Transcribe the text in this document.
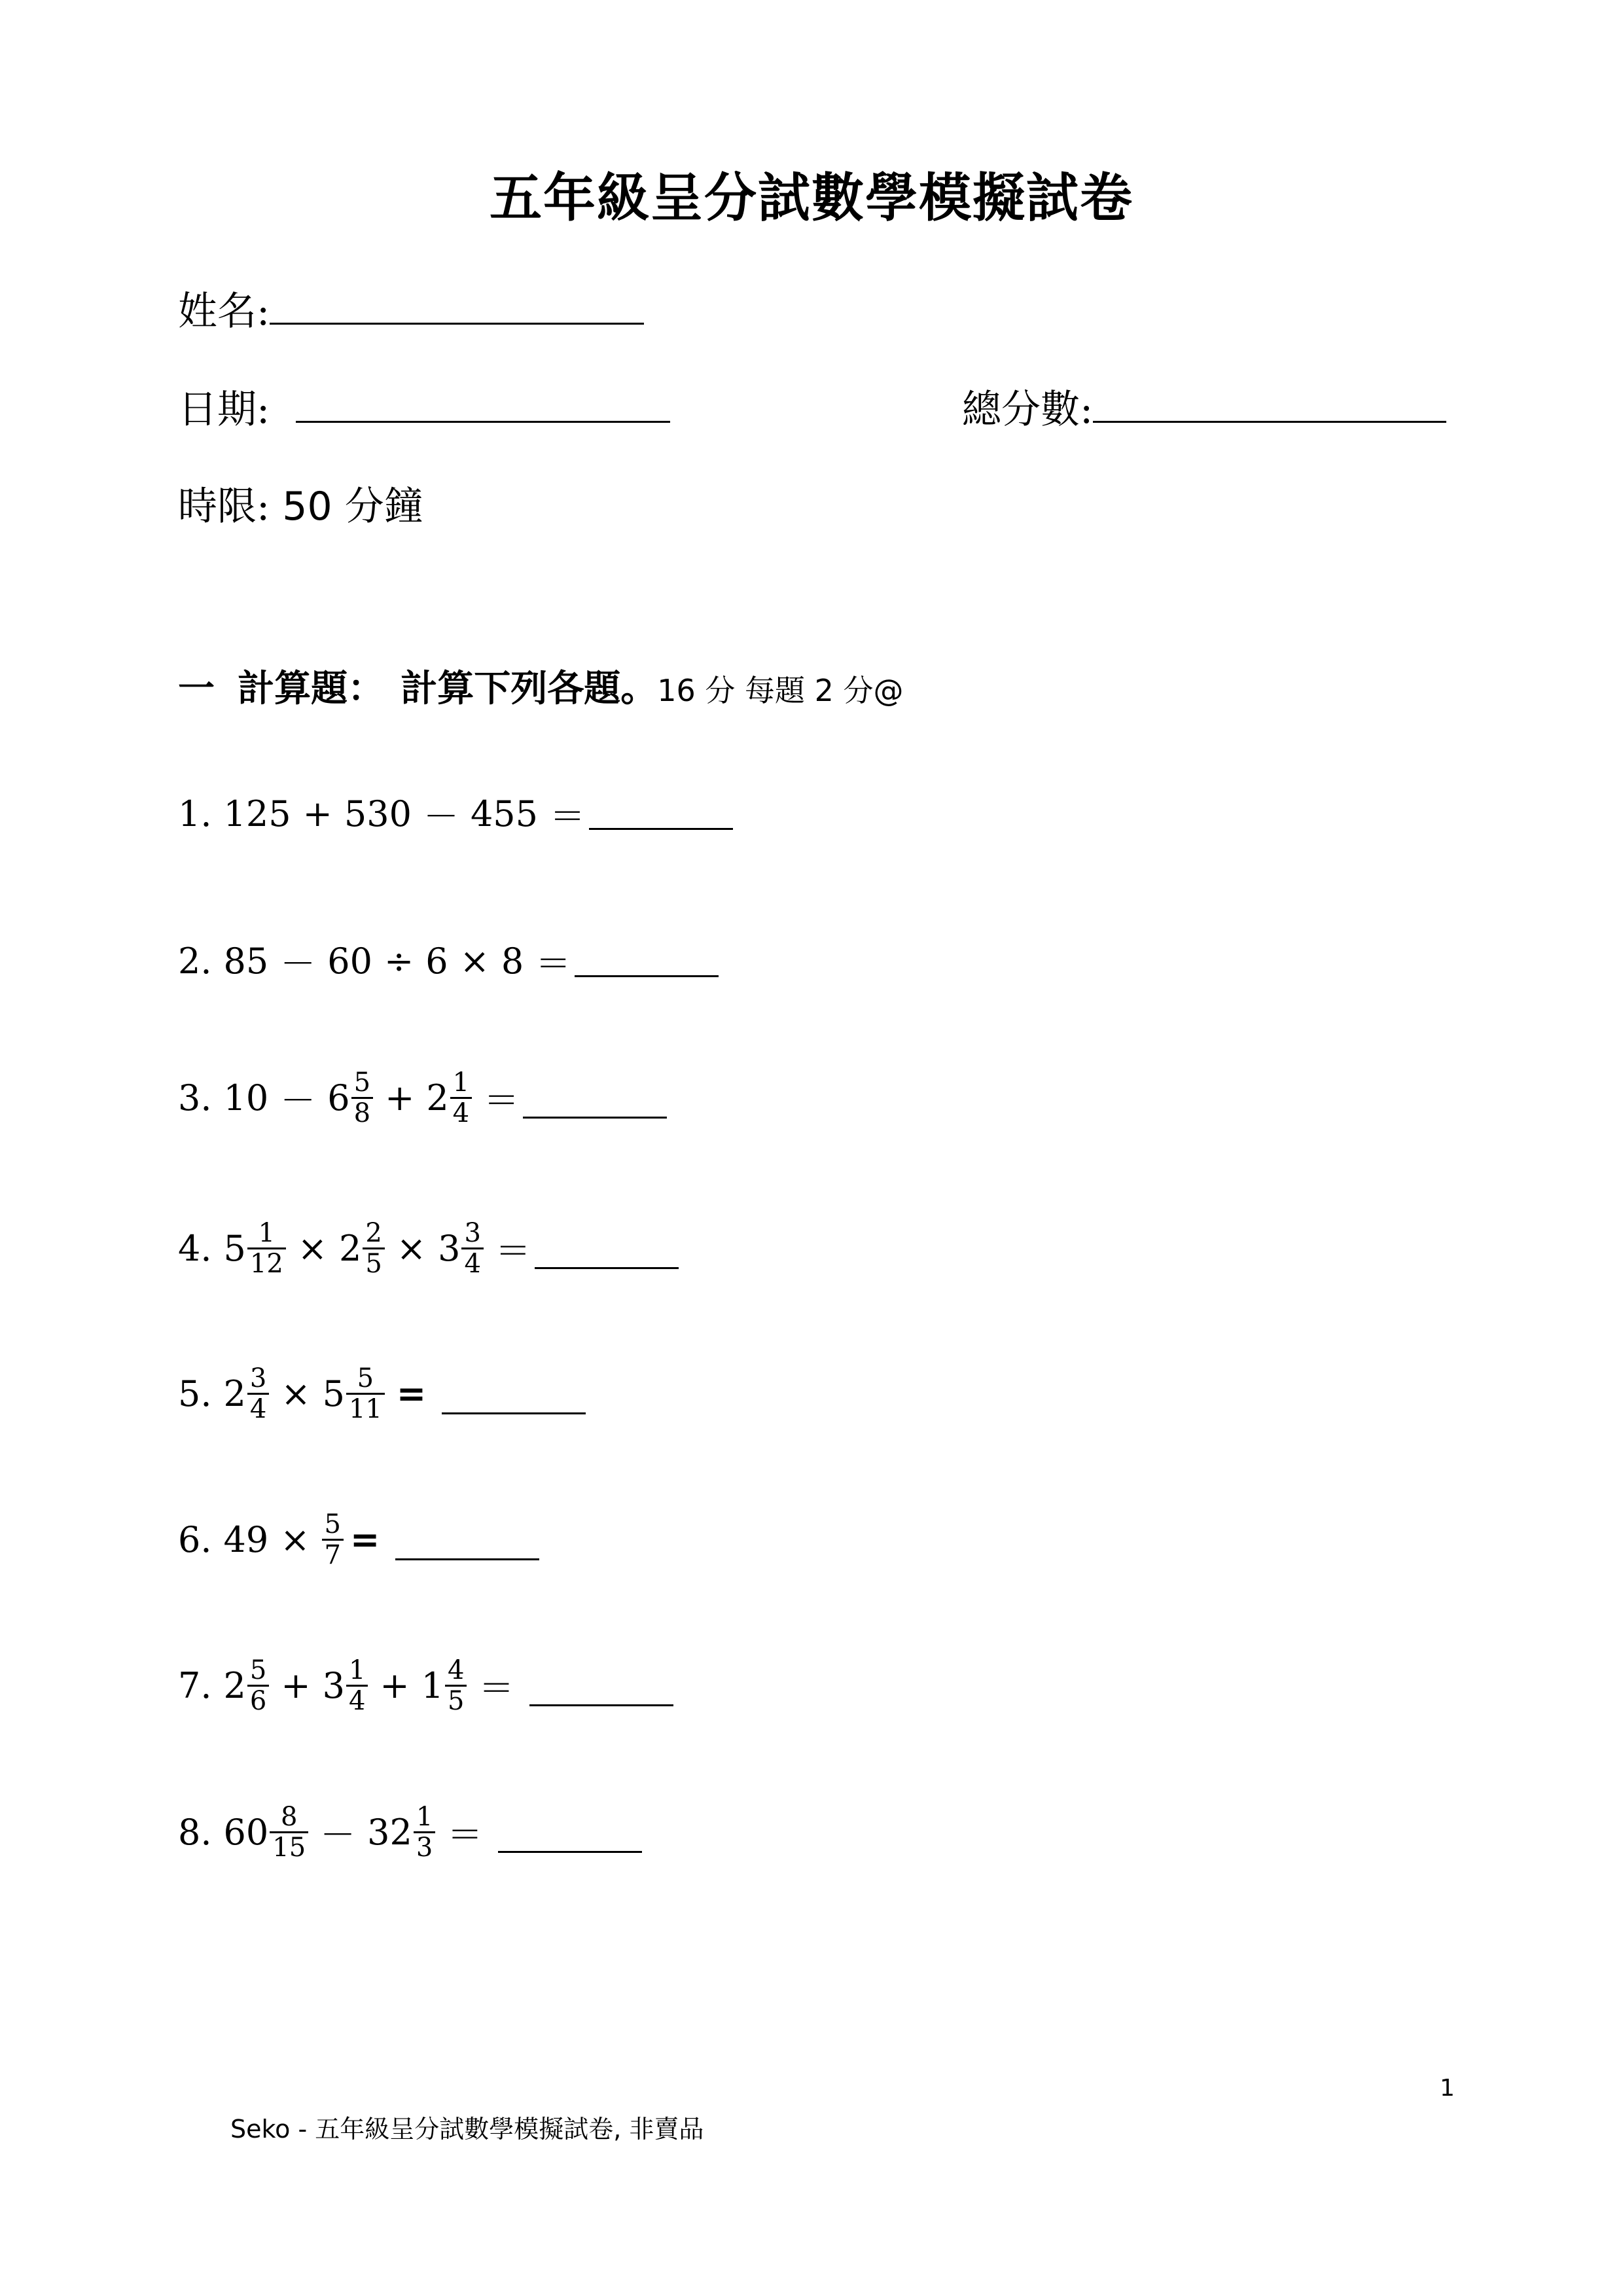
五年級呈分試數學模擬試卷
姓名:
日期:	總分數:
時限: 50 分鐘
一 計算題： 計算下列各題。16 分 每題 2 分@
1. 125 + 530 － 455 ＝
2. 85 － 60 ÷ 6 × 8 ＝
3. $10 - 6 \frac{5}{8} + 2 \frac{1}{4}$ ＝
4. $5 \frac{1}{12} \times 2 \frac{2}{5} \times 3 \frac{3}{4}$ ＝
5. $2 \frac{3}{4} \times 5 \frac{5}{11}$ =
6. $49 \times \frac{5}{7}$ =
7. $2 \frac{5}{6} + 3 \frac{1}{4} + 1 \frac{4}{5}$ ＝
8. $60 \frac{8}{15} - 32 \frac{1}{3}$ ＝
1
Seko - 五年級呈分試數學模擬試卷, 非賣品
